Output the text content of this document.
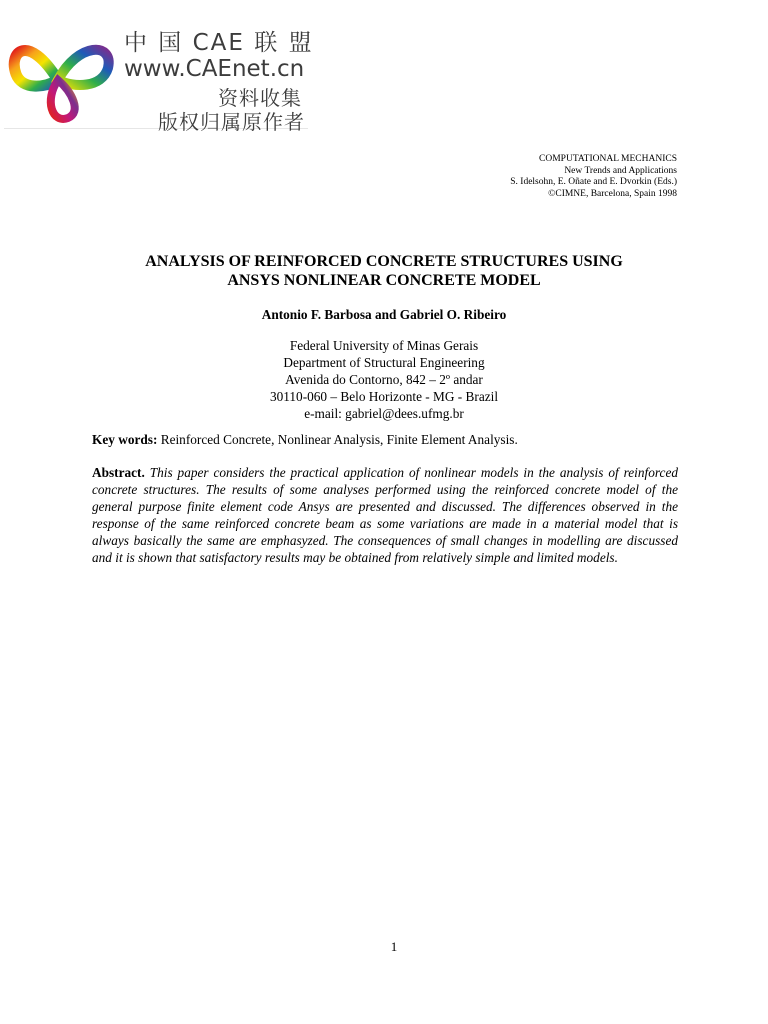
中 国 CAE 联 盟
www.CAEnet.cn
资料收集
版权归属原作者
COMPUTATIONAL MECHANICS
New Trends and Applications
S. Idelsohn, E. Oñate and E. Dvorkin (Eds.)
©CIMNE, Barcelona, Spain 1998
ANALYSIS OF REINFORCED CONCRETE STRUCTURES USING
ANSYS NONLINEAR CONCRETE MODEL
Antonio F. Barbosa and Gabriel O. Ribeiro
Federal University of Minas Gerais
Department of Structural Engineering
Avenida do Contorno, 842 – 2º andar
30110-060 – Belo Horizonte - MG - Brazil
e-mail: gabriel@dees.ufmg.br
Key words: Reinforced Concrete, Nonlinear Analysis, Finite Element Analysis.

Abstract. This paper considers the practical application of nonlinear models in the analysis of reinforced concrete structures. The results of some analyses performed using the reinforced concrete model of the general purpose finite element code Ansys are presented and discussed. The differences observed in the response of the same reinforced concrete beam as some variations are made in a material model that is always basically the same are emphasyzed. The consequences of small changes in modelling are discussed and it is shown that satisfactory results may be obtained from relatively simple and limited models.

1
